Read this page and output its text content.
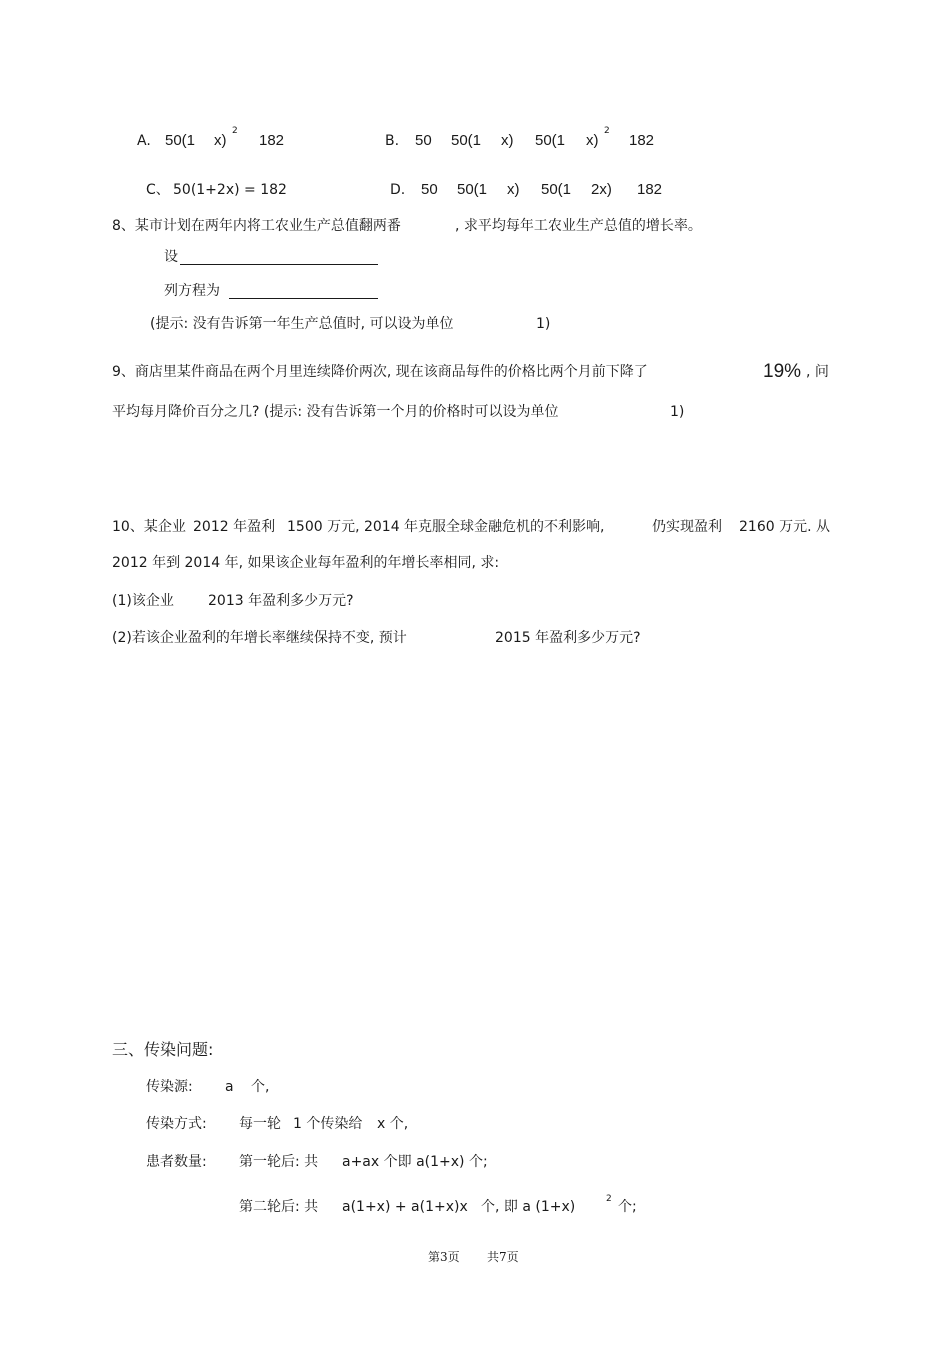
A. 50(1 x)
2
182	B. 50 50(1 x) 50(1 x)
2
182
C、 50(1+2x) = 182	D. 50 50(1 x) 50(1 2x) 182
8、某市计划在两年内将工农业生产总值翻两番	, 求平均每年工农业生产总值的增长率。
设
列方程为
(提示: 没有告诉第一年生产总值时, 可以设为单位	1)
9、商店里某件商品在两个月里连续降价两次, 现在该商品每件的价格比两个月前下降了	19% , 问
平均每月降价百分之几? (提示: 没有告诉第一个月的价格时可以设为单位	1)
10、某企业 2012 年盈利 1500 万元, 2014 年克服全球金融危机的不利影响,	仍实现盈利 2160 万元. 从
2012 年到 2014 年, 如果该企业每年盈利的年增长率相同, 求:
(1)该企业 2013 年盈利多少万元?
(2)若该企业盈利的年增长率继续保持不变, 预计	2015 年盈利多少万元?
三、传染问题:
传染源: a 个,
传染方式: 每一轮 1 个传染给 x 个,
患者数量: 第一轮后: 共 a+ax 个即 a(1+x) 个;
第二轮后: 共 a(1+x) + a(1+x)x 个, 即 a (1+x)	2 个;
第3页 共7页
